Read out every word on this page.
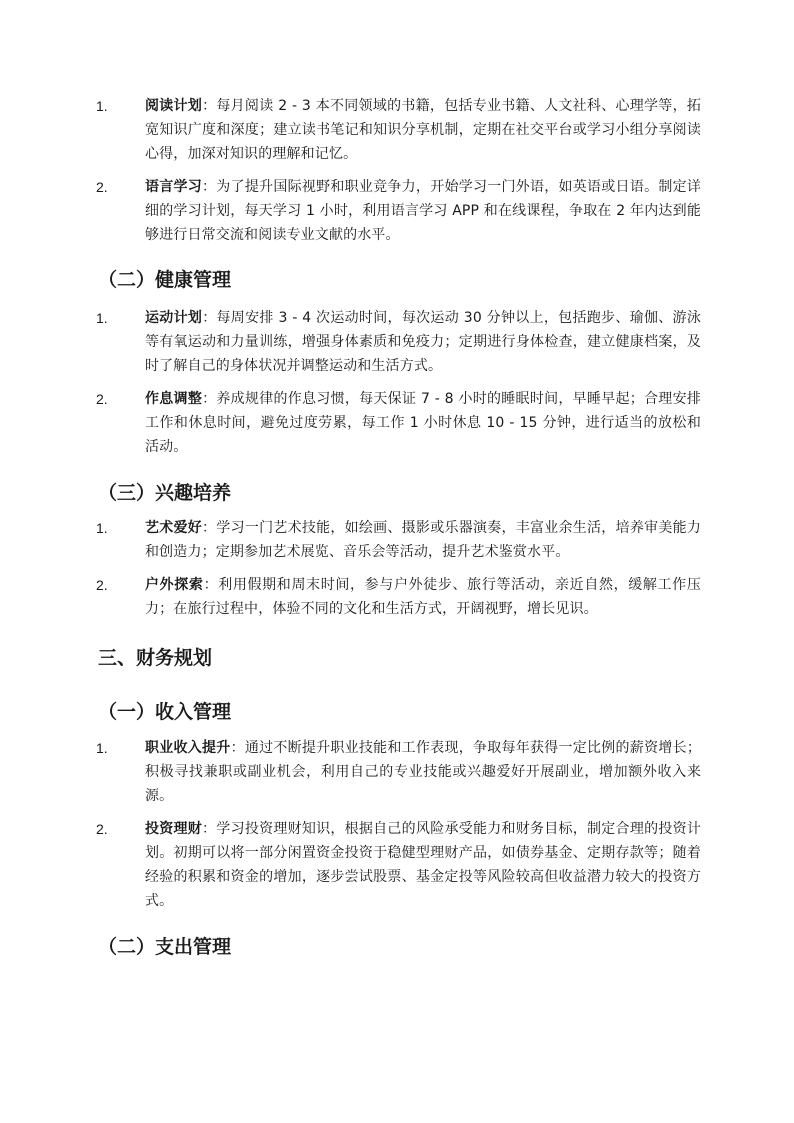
1.	阅读计划：每月阅读 2 - 3 本不同领域的书籍，包括专业书籍、人文社科、心理学等，拓宽知识广度和深度；建立读书笔记和知识分享机制，定期在社交平台或学习小组分享阅读心得，加深对知识的理解和记忆。
2.	语言学习：为了提升国际视野和职业竞争力，开始学习一门外语，如英语或日语。制定详细的学习计划，每天学习 1 小时，利用语言学习 APP 和在线课程，争取在 2 年内达到能够进行日常交流和阅读专业文献的水平。
（二）健康管理
1.	运动计划：每周安排 3 - 4 次运动时间，每次运动 30 分钟以上，包括跑步、瑜伽、游泳等有氧运动和力量训练，增强身体素质和免疫力；定期进行身体检查，建立健康档案，及时了解自己的身体状况并调整运动和生活方式。
2.	作息调整：养成规律的作息习惯，每天保证 7 - 8 小时的睡眠时间，早睡早起；合理安排工作和休息时间，避免过度劳累，每工作 1 小时休息 10 - 15 分钟，进行适当的放松和活动。
（三）兴趣培养
1.	艺术爱好：学习一门艺术技能，如绘画、摄影或乐器演奏，丰富业余生活，培养审美能力和创造力；定期参加艺术展览、音乐会等活动，提升艺术鉴赏水平。
2.	户外探索：利用假期和周末时间，参与户外徒步、旅行等活动，亲近自然，缓解工作压力；在旅行过程中，体验不同的文化和生活方式，开阔视野，增长见识。
三、财务规划
（一）收入管理
1.	职业收入提升：通过不断提升职业技能和工作表现，争取每年获得一定比例的薪资增长；积极寻找兼职或副业机会，利用自己的专业技能或兴趣爱好开展副业，增加额外收入来源。
2.	投资理财：学习投资理财知识，根据自己的风险承受能力和财务目标，制定合理的投资计划。初期可以将一部分闲置资金投资于稳健型理财产品，如债券基金、定期存款等；随着经验的积累和资金的增加，逐步尝试股票、基金定投等风险较高但收益潜力较大的投资方式。
（二）支出管理
